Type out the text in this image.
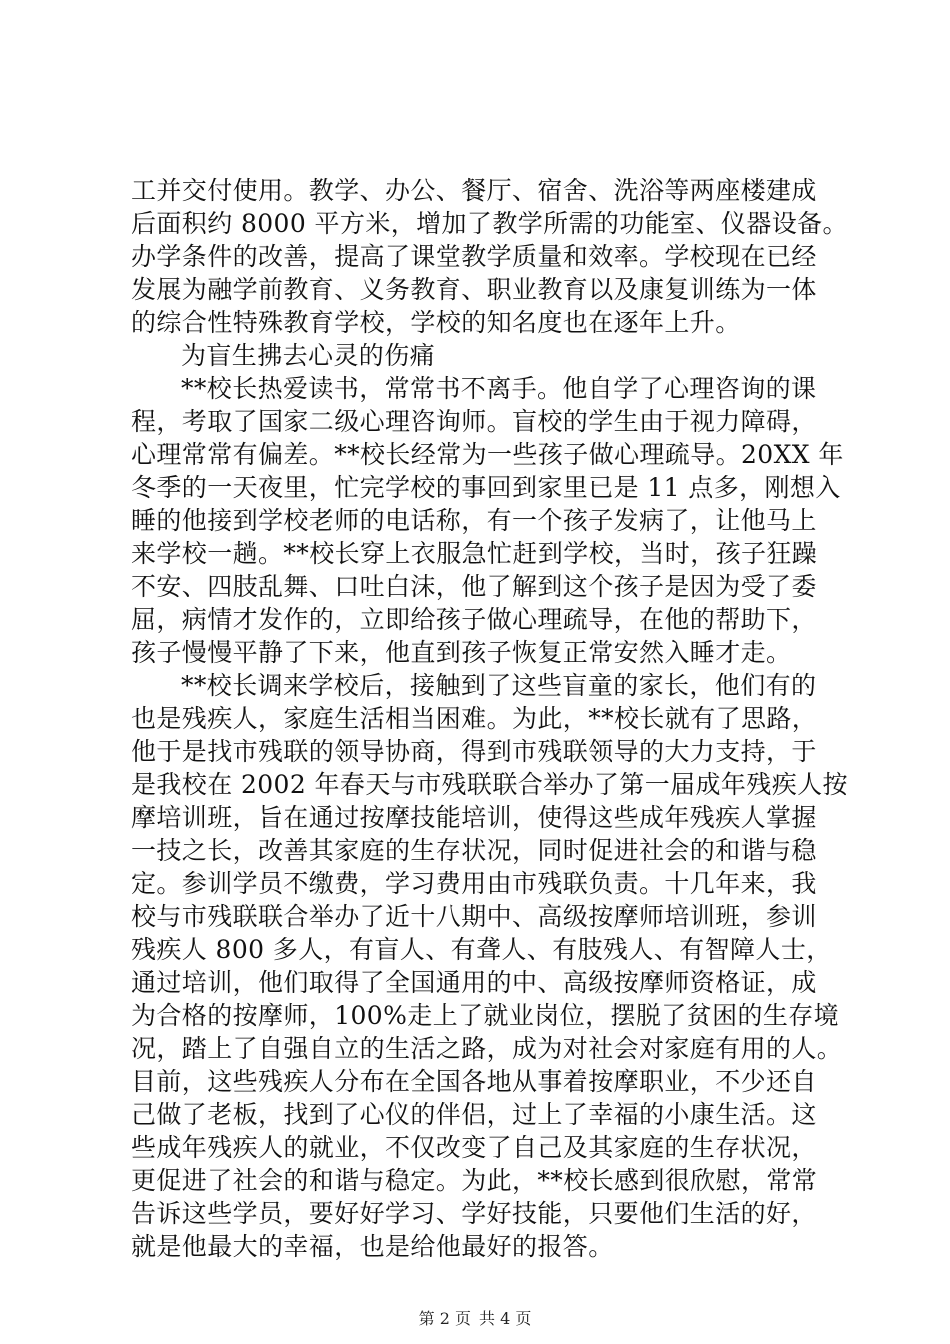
工并交付使用。教学、办公、餐厅、宿舍、洗浴等两座楼建成
后面积约 8000 平方米，增加了教学所需的功能室、仪器设备。
办学条件的改善，提高了课堂教学质量和效率。学校现在已经
发展为融学前教育、义务教育、职业教育以及康复训练为一体
的综合性特殊教育学校，学校的知名度也在逐年上升。
为盲生拂去心灵的伤痛
**校长热爱读书，常常书不离手。他自学了心理咨询的课
程，考取了国家二级心理咨询师。盲校的学生由于视力障碍，
心理常常有偏差。**校长经常为一些孩子做心理疏导。20XX 年
冬季的一天夜里，忙完学校的事回到家里已是 11 点多，刚想入
睡的他接到学校老师的电话称，有一个孩子发病了，让他马上
来学校一趟。**校长穿上衣服急忙赶到学校，当时，孩子狂躁
不安、四肢乱舞、口吐白沫，他了解到这个孩子是因为受了委
屈，病情才发作的，立即给孩子做心理疏导，在他的帮助下，
孩子慢慢平静了下来，他直到孩子恢复正常安然入睡才走。
**校长调来学校后，接触到了这些盲童的家长，他们有的
也是残疾人，家庭生活相当困难。为此，**校长就有了思路，
他于是找市残联的领导协商，得到市残联领导的大力支持，于
是我校在 2002 年春天与市残联联合举办了第一届成年残疾人按
摩培训班，旨在通过按摩技能培训，使得这些成年残疾人掌握
一技之长，改善其家庭的生存状况，同时促进社会的和谐与稳
定。参训学员不缴费，学习费用由市残联负责。十几年来，我
校与市残联联合举办了近十八期中、高级按摩师培训班，参训
残疾人 800 多人，有盲人、有聋人、有肢残人、有智障人士，
通过培训，他们取得了全国通用的中、高级按摩师资格证，成
为合格的按摩师，100%走上了就业岗位，摆脱了贫困的生存境
况，踏上了自强自立的生活之路，成为对社会对家庭有用的人。
目前，这些残疾人分布在全国各地从事着按摩职业，不少还自
己做了老板，找到了心仪的伴侣，过上了幸福的小康生活。这
些成年残疾人的就业，不仅改变了自己及其家庭的生存状况，
更促进了社会的和谐与稳定。为此，**校长感到很欣慰，常常
告诉这些学员，要好好学习、学好技能，只要他们生活的好，
就是他最大的幸福，也是给他最好的报答。
第 2 页 共 4 页
